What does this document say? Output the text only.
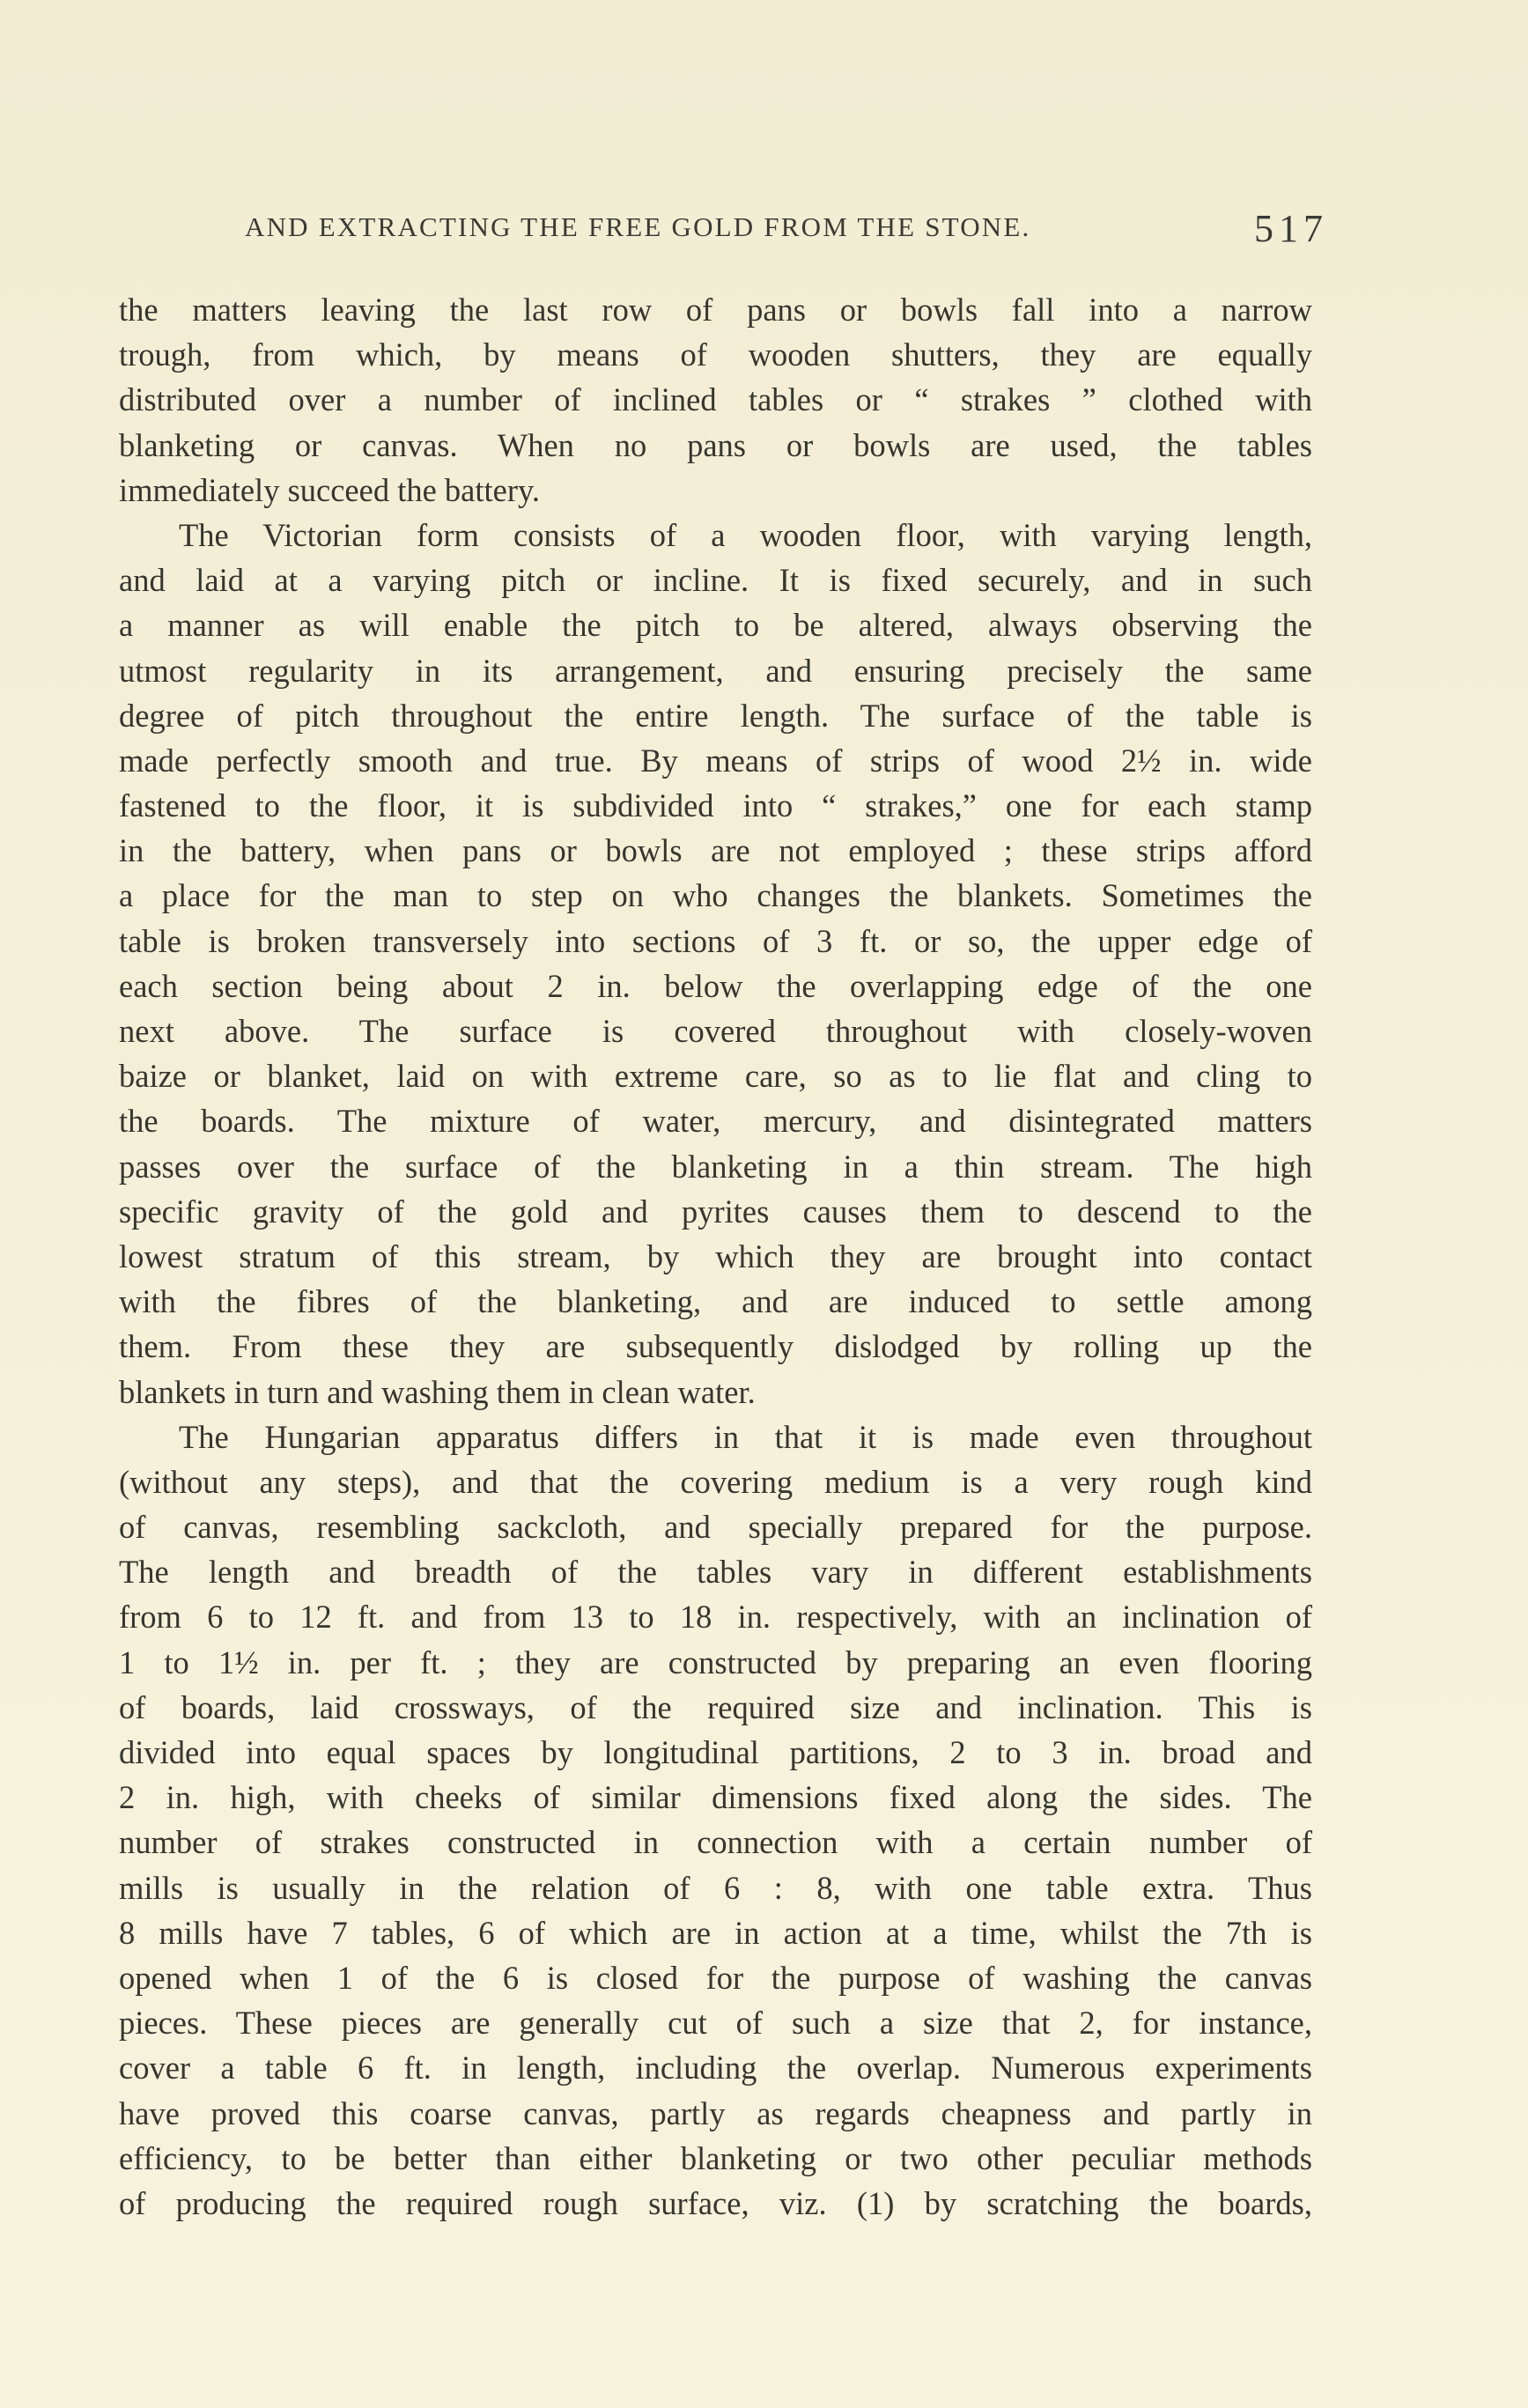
AND EXTRACTING THE FREE GOLD FROM THE STONE.	517
the matters leaving the last row of pans or bowls fall into a narrow
trough, from which, by means of wooden shutters, they are equally
distributed over a number of inclined tables or “ strakes ” clothed with
blanketing or canvas. When no pans or bowls are used, the tables
immediately succeed the battery.
The Victorian form consists of a wooden floor, with varying length,
and laid at a varying pitch or incline. It is fixed securely, and in such
a manner as will enable the pitch to be altered, always observing the
utmost regularity in its arrangement, and ensuring precisely the same
degree of pitch throughout the entire length. The surface of the table is
made perfectly smooth and true. By means of strips of wood 2½ in. wide
fastened to the floor, it is subdivided into “ strakes,” one for each stamp
in the battery, when pans or bowls are not employed ; these strips afford
a place for the man to step on who changes the blankets. Sometimes the
table is broken transversely into sections of 3 ft. or so, the upper edge of
each section being about 2 in. below the overlapping edge of the one
next above. The surface is covered throughout with closely-woven
baize or blanket, laid on with extreme care, so as to lie flat and cling to
the boards. The mixture of water, mercury, and disintegrated matters
passes over the surface of the blanketing in a thin stream. The high
specific gravity of the gold and pyrites causes them to descend to the
lowest stratum of this stream, by which they are brought into contact
with the fibres of the blanketing, and are induced to settle among
them. From these they are subsequently dislodged by rolling up the
blankets in turn and washing them in clean water.
The Hungarian apparatus differs in that it is made even throughout
(without any steps), and that the covering medium is a very rough kind
of canvas, resembling sackcloth, and specially prepared for the purpose.
The length and breadth of the tables vary in different establishments
from 6 to 12 ft. and from 13 to 18 in. respectively, with an inclination of
1 to 1½ in. per ft. ; they are constructed by preparing an even flooring
of boards, laid crossways, of the required size and inclination. This is
divided into equal spaces by longitudinal partitions, 2 to 3 in. broad and
2 in. high, with cheeks of similar dimensions fixed along the sides. The
number of strakes constructed in connection with a certain number of
mills is usually in the relation of 6 : 8, with one table extra. Thus
8 mills have 7 tables, 6 of which are in action at a time, whilst the 7th is
opened when 1 of the 6 is closed for the purpose of washing the canvas
pieces. These pieces are generally cut of such a size that 2, for instance,
cover a table 6 ft. in length, including the overlap. Numerous experiments
have proved this coarse canvas, partly as regards cheapness and partly in
efficiency, to be better than either blanketing or two other peculiar methods
of producing the required rough surface, viz. (1) by scratching the boards,
